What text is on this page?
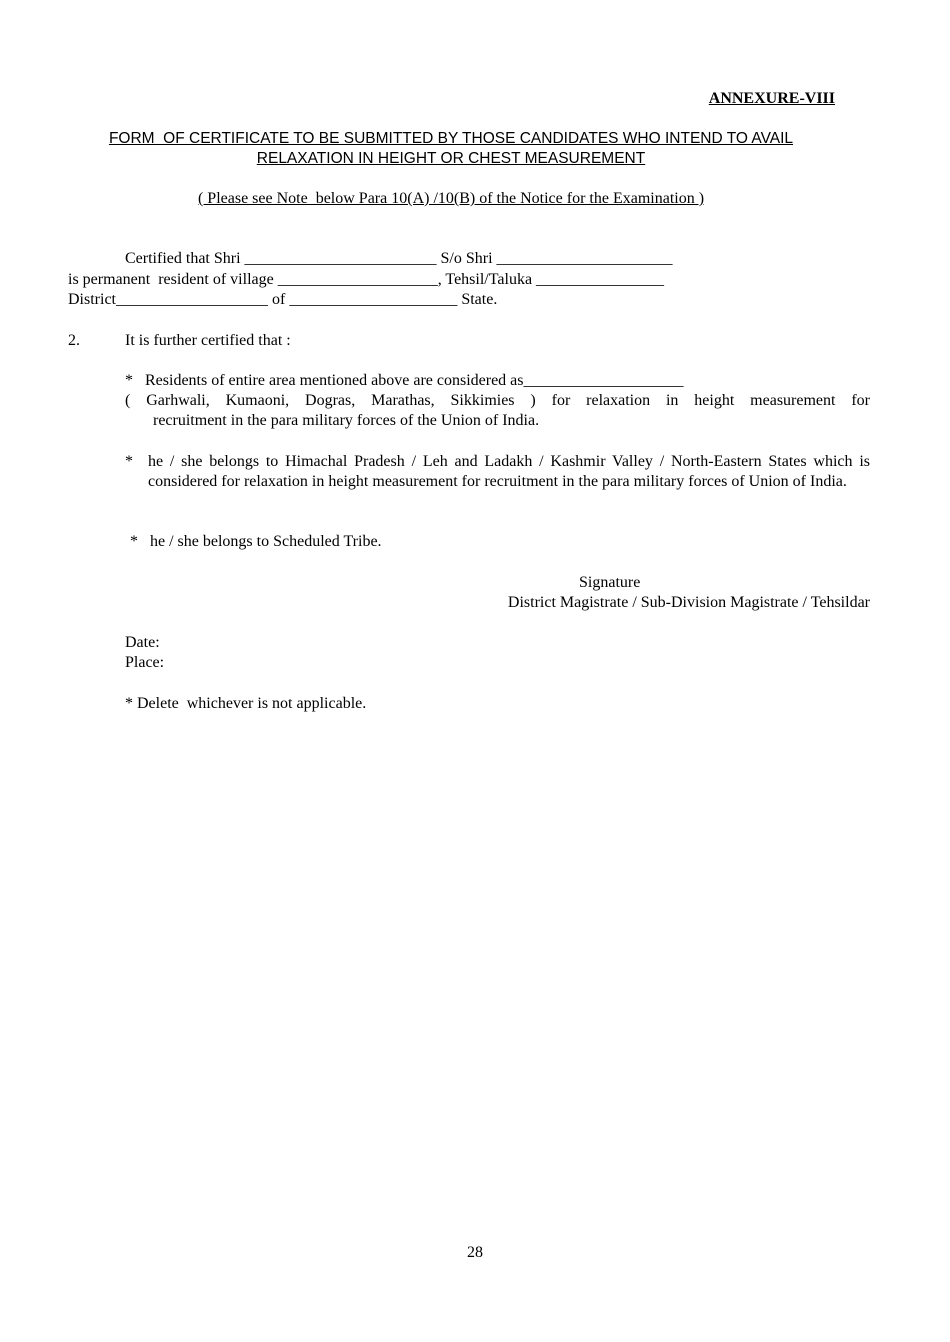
ANNEXURE-VIII
FORM  OF CERTIFICATE TO BE SUBMITTED BY THOSE CANDIDATES WHO INTEND TO AVAIL
RELAXATION IN HEIGHT OR CHEST MEASUREMENT
( Please see Note  below Para 10(A) /10(B) of the Notice for the Examination )
Certified that Shri ________________________ S/o Shri ______________________
is permanent  resident of village ____________________, Tehsil/Taluka ________________
District___________________ of _____________________ State.
2.	It is further certified that :
*   Residents of entire area mentioned above are considered as____________________
( Garhwali, Kumaoni, Dogras, Marathas, Sikkimies ) for relaxation in height measurement for
recruitment in the para military forces of the Union of India.
* he / she belongs to Himachal Pradesh / Leh and Ladakh / Kashmir Valley / North-Eastern States which is considered for relaxation in height measurement for recruitment in the para military forces of Union of India.
*   he / she belongs to Scheduled Tribe.
Signature
District Magistrate / Sub-Division Magistrate / Tehsildar
Date:
Place:
* Delete  whichever is not applicable.
28
